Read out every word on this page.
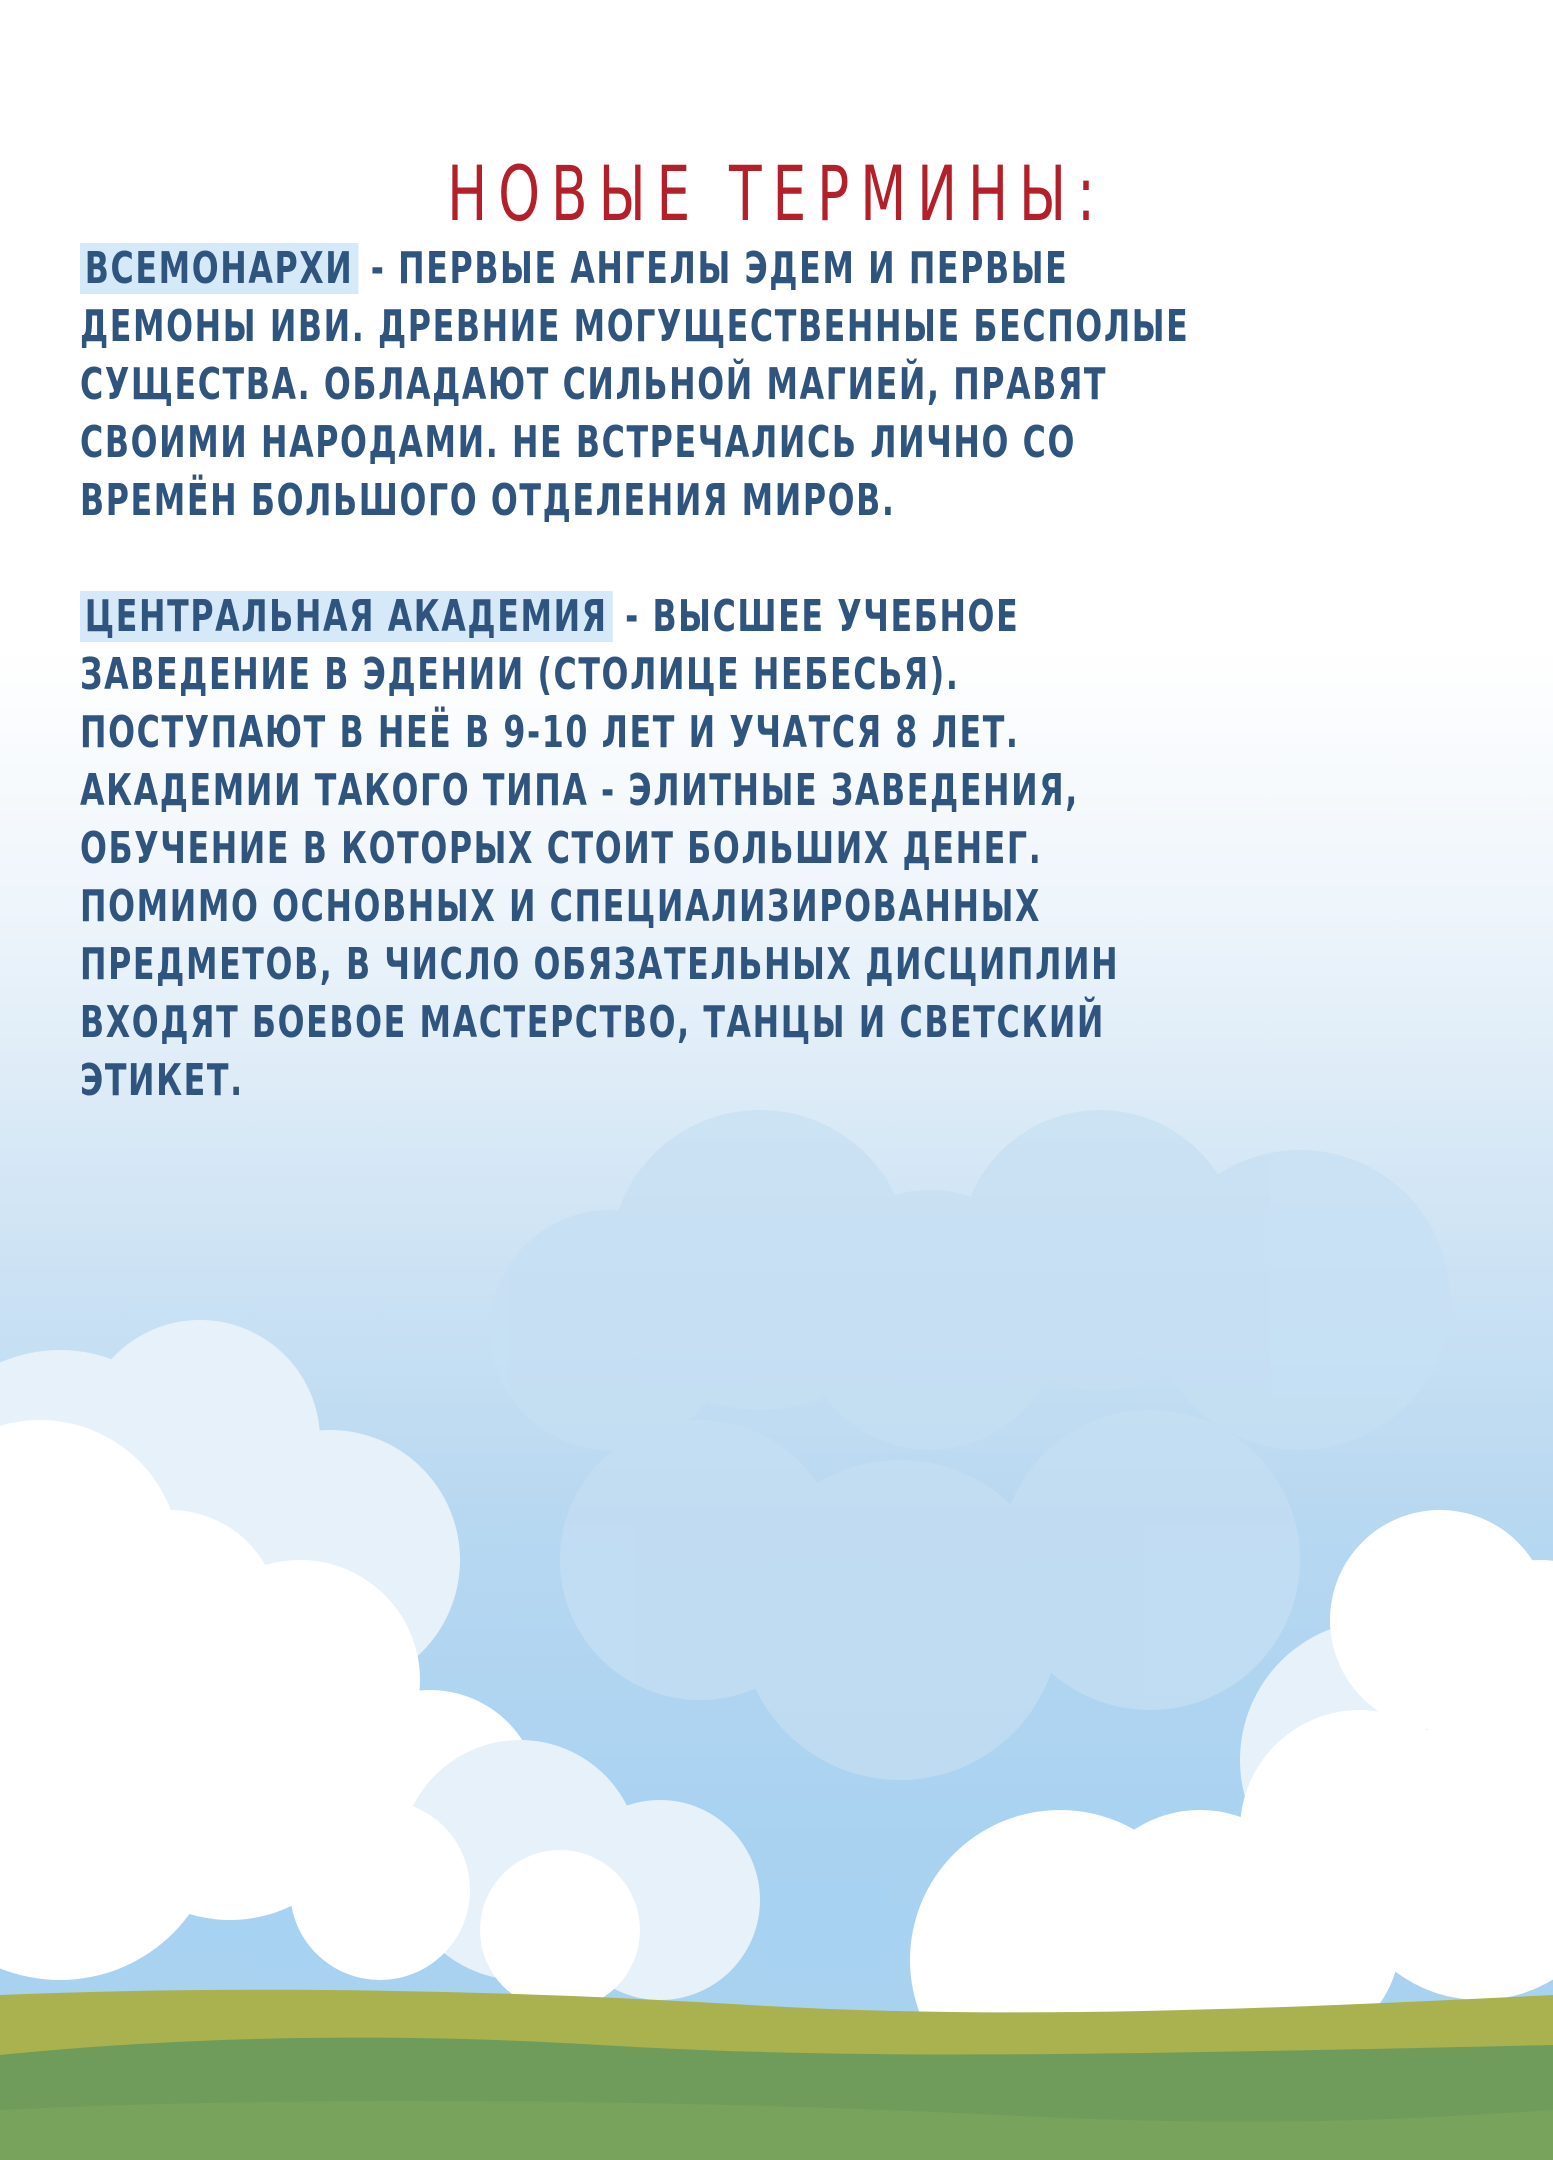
НОВЫЕ ТЕРМИНЫ:

ВСЕМОНАРХИ - ПЕРВЫЕ АНГЕЛЫ ЭДЕМ И ПЕРВЫЕ ДЕМОНЫ ИВИ. ДРЕВНИЕ МОГУЩЕСТВЕННЫЕ БЕСПОЛЫЕ СУЩЕСТВА. ОБЛАДАЮТ СИЛЬНОЙ МАГИЕЙ, ПРАВЯТ СВОИМИ НАРОДАМИ. НЕ ВСТРЕЧАЛИСЬ ЛИЧНО СО ВРЕМЁН БОЛЬШОГО ОТДЕЛЕНИЯ МИРОВ.

ЦЕНТРАЛЬНАЯ АКАДЕМИЯ - ВЫСШЕЕ УЧЕБНОЕ ЗАВЕДЕНИЕ В ЭДЕНИИ (СТОЛИЦЕ НЕБЕСЬЯ).
ПОСТУПАЮТ В НЕЁ В 9-10 ЛЕТ И УЧАТСЯ 8 ЛЕТ. АКАДЕМИИ ТАКОГО ТИПА - ЭЛИТНЫЕ ЗАВЕДЕНИЯ, ОБУЧЕНИЕ В КОТОРЫХ СТОИТ БОЛЬШИХ ДЕНЕГ. ПОМИМО ОСНОВНЫХ И СПЕЦИАЛИЗИРОВАННЫХ ПРЕДМЕТОВ, В ЧИСЛО ОБЯЗАТЕЛЬНЫХ ДИСЦИПЛИН ВХОДЯТ БОЕВОЕ МАСТЕРСТВО, ТАНЦЫ И СВЕТСКИЙ ЭТИКЕТ.
